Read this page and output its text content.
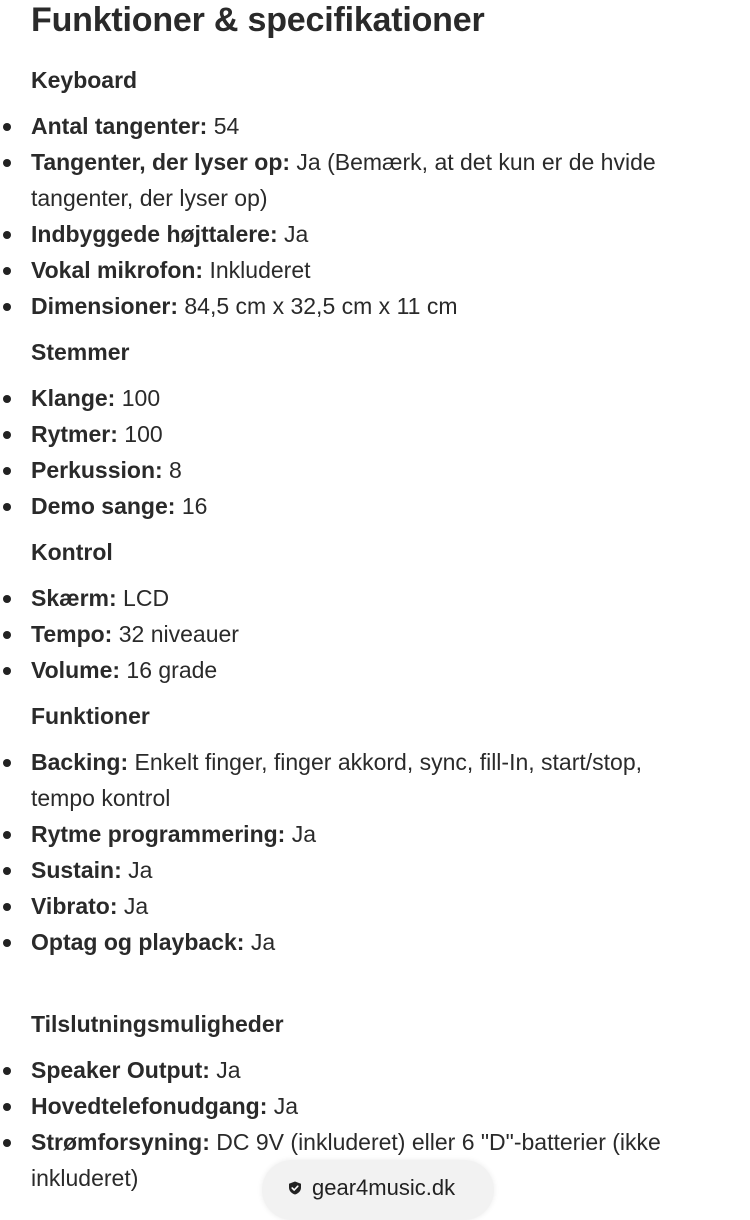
Funktioner & specifikationer
Keyboard
Antal tangenter: 54
Tangenter, der lyser op: Ja (Bemærk, at det kun er de hvide tangenter, der lyser op)
Indbyggede højttalere: Ja
Vokal mikrofon: Inkluderet
Dimensioner: 84,5 cm x 32,5 cm x 11 cm
Stemmer
Klange: 100
Rytmer: 100
Perkussion: 8
Demo sange: 16
Kontrol
Skærm: LCD
Tempo: 32 niveauer
Volume: 16 grade
Funktioner
Backing: Enkelt finger, finger akkord, sync, fill-In, start/stop, tempo kontrol
Rytme programmering: Ja
Sustain: Ja
Vibrato: Ja
Optag og playback: Ja
Tilslutningsmuligheder
Speaker Output: Ja
Hovedtelefonudgang: Ja
Strømforsyning: DC 9V (inkluderet) eller 6 "D"-batterier (ikke inkluderet)	gear4music.dk
